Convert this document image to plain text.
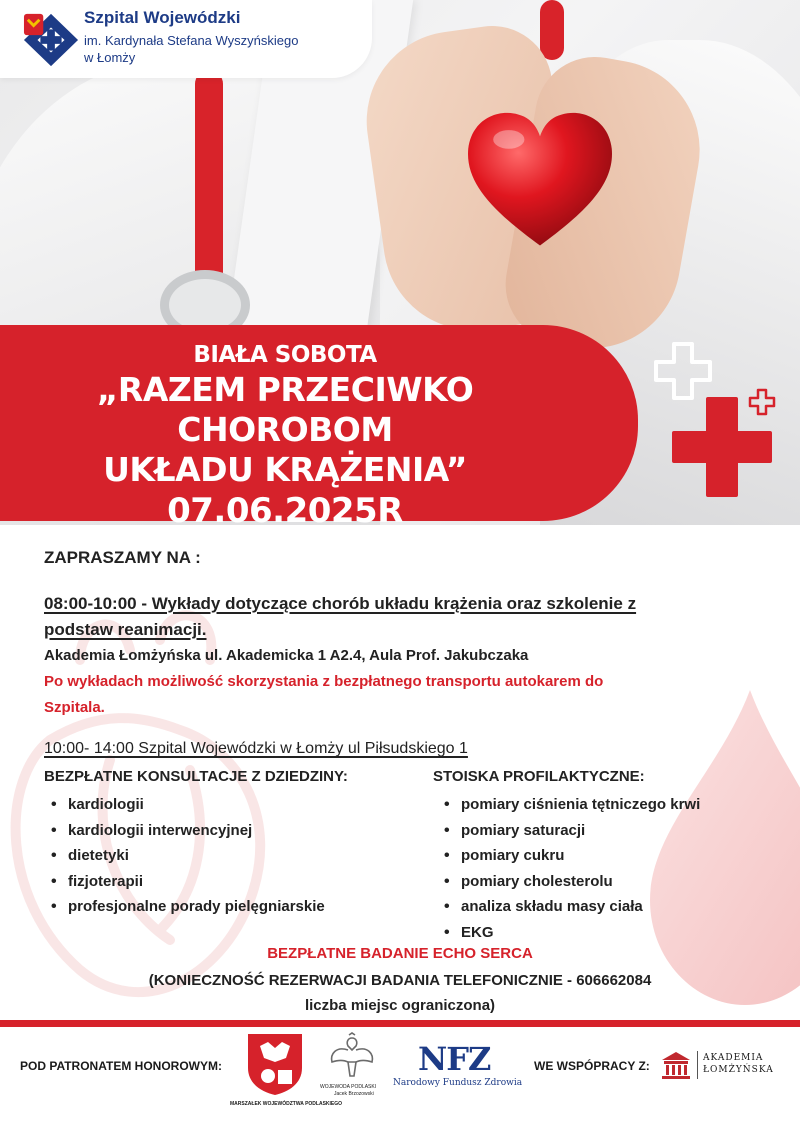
Szpital Wojewódzki
im. Kardynała Stefana Wyszyńskiego
w Łomży
BIAŁA SOBOTA
„RAZEM PRZECIWKO CHOROBOM
UKŁADU KRĄŻENIA”
07.06.2025R
ZAPRASZAMY NA :
08:00-10:00 - Wykłady dotyczące chorób układu krążenia oraz szkolenie z
podstaw reanimacji.
Akademia Łomżyńska ul. Akademicka 1 A2.4, Aula Prof. Jakubczaka
Po wykładach możliwość skorzystania z bezpłatnego transportu autokarem do
Szpitala.
10:00- 14:00 Szpital Wojewódzki w Łomży ul Piłsudskiego 1
BEZPŁATNE KONSULTACJE Z DZIEDZINY:
• kardiologii
• kardiologii interwencyjnej
• dietetyki
• fizjoterapii
• profesjonalne porady pielęgniarskie
STOISKA PROFILAKTYCZNE:
• pomiary ciśnienia tętniczego krwi
• pomiary saturacji
• pomiary cukru
• pomiary cholesterolu
• analiza składu masy ciała
• EKG
BEZPŁATNE BADANIE ECHO SERCA
(KONIECZNOŚĆ REZERWACJI BADANIA TELEFONICZNIE - 606662084
liczba miejsc ograniczona)
POD PATRONATEM HONOROWYM:
MARSZAŁEK WOJEWÓDZTWA PODLASKIEGO
WOJEWODA PODLASKI
Jacek Brzozowski
NFZ
Narodowy Fundusz Zdrowia
WE WSPÓPRACY Z:
AKADEMIA
ŁOMŻYŃSKA
